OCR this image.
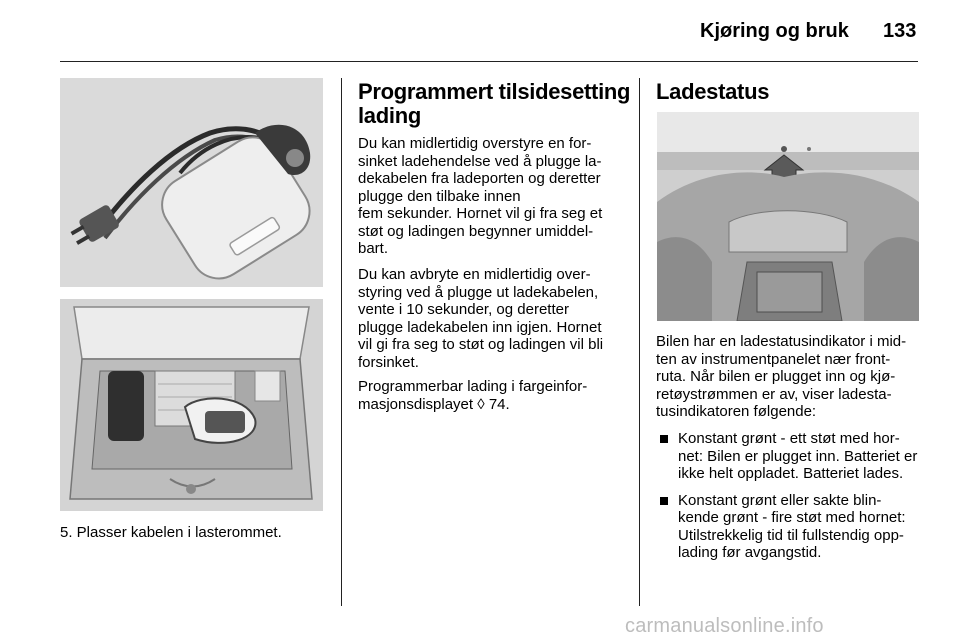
Kjøring og bruk 133
5. Plasser kabelen i lasterommet.
Programmert tilsidesetting
lading
Du kan midlertidig overstyre en for-
sinket ladehendelse ved å plugge la-
dekabelen fra ladeporten og deretter
plugge den tilbake innen
fem sekunder. Hornet vil gi fra seg et
støt og ladingen begynner umiddel-
bart.
Du kan avbryte en midlertidig over-
styring ved å plugge ut ladekabelen,
vente i 10 sekunder, og deretter
plugge ladekabelen inn igjen. Hornet
vil gi fra seg to støt og ladingen vil bli
forsinket.
Programmerbar lading i fargeinfor-
masjonsdisplayet ◊ 74.
Ladestatus
Bilen har en ladestatusindikator i mid-
ten av instrumentpanelet nær front-
ruta. Når bilen er plugget inn og kjø-
retøystrømmen er av, viser ladesta-
tusindikatoren følgende:
Konstant grønt - ett støt med hor-
net: Bilen er plugget inn. Batteriet er
ikke helt oppladet. Batteriet lades.
Konstant grønt eller sakte blin-
kende grønt - fire støt med hornet:
Utilstrekkelig tid til fullstendig opp-
lading før avgangstid.
carmanualsonline.info
